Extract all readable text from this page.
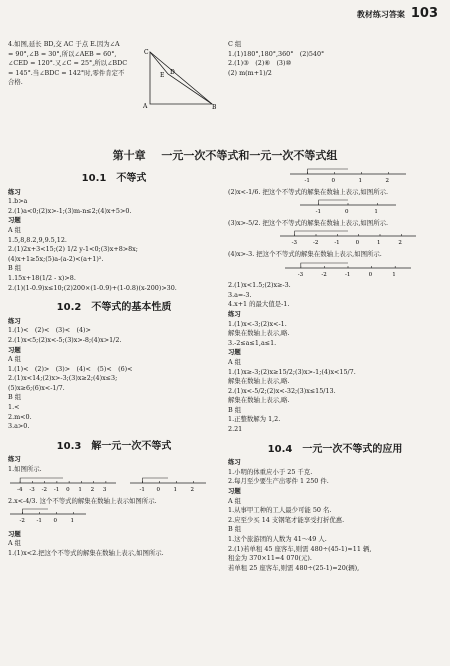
教材练习答案 103
C
E D
A	B

4.如图,延长 BD,交 AC 于点 E.因为∠A

= 90°,∠B = 30°,所以∠AEB = 60°,

∠CED = 120°.又∠C = 25°,所以∠BDC

= 145°.当∠BDC = 142°时,零件肯定不

合格.

第十章 一元一次不等式和一元一次不等式组
10.1　不等式

练习

1.b>a

2.(1)a<0;(2)x>-1;(3)m-n≤2;(4)x+5>0.

习题

A 组

1.5,8,8.2,9,9.5,12.

2.(1)2x+3<15;(2) 1/2 y-1<0;(3)x+8>8x;

(4)x+1≥5x;(5)a-(a-2)<(a+1)².

B 组

1.15x+18(1/2 - x)>8.

2.(1)(1-0.9)x≤10;(2)200×(1-0.9)+(1-0.8)(x-200)>30.

10.2　不等式的基本性质

练习

1.(1)<　(2)<　(3)<　(4)>

2.(1)x<5;(2)x<-5;(3)x>-8;(4)x>1/2.

习题

A 组

1.(1)<　(2)>　(3)>　(4)<　(5)<　(6)<

2.(1)x<14;(2)x>-3;(3)x≥2;(4)x≤3;

(5)x≥6;(6)x<-1/7.

B 组

1.<

2.m<0.

3.a>0.

10.3　解一元一次不等式

练习

1.如图所示.

-4 -3 -2 -1 0 1 2 3	-1 0 1 2

2.x<-4/3. 这个不等式的解集在数轴上表示如图所示.

-2 -1 0 1

习题

A 组

1.(1)x<2.把这个不等式的解集在数轴上表示,如图所示.

C 组

1.(1)180°,180°,360°　(2)540°

2.(1)③　(2)⑥　(3)⑩

(2) m(m+1)/2

-1	0	1	2

(2)x<-1/6. 把这个不等式的解集在数轴上表示,如图所示.

-1	0	1

(3)x>-5/2. 把这个不等式的解集在数轴上表示,如图所示.

-3	-2	-1	0	1	2

(4)x>-3. 把这个不等式的解集在数轴上表示,如图所示.

-3	-2	-1	0	1

2.(1)x<1.5;(2)x≥-3.

3.a=-3.

4.x+1 的最大值是-1.

练习

1.(1)x<-3;(2)x<-1.

解集在数轴上表示,略.

3.-2≤a≤1,a≤1.

习题

A 组

1.(1)x≥-3;(2)x≥15/2;(3)x>-1;(4)x<15/7.

解集在数轴上表示,略.

2.(1)x<-5/2;(2)x<-32;(3)x≤15/13.

解集在数轴上表示,略.

B 组

1.正整数解为 1,2.

2.21

10.4　一元一次不等式的应用

练习

1.小明的体重应小于 25 千克.

2.每月至少要生产出零件 1 250 件.

习题

A 组

1.从事甲工种的工人最少可能 50 名.

2.应至少买 14 支钢笔才能享受打折优惠.

B 组

1.这个旅游团的人数为 41～49 人.

2.(1)若单租 45 座客车,则需 480÷(45-1)≈11 辆,

租金为 370×11=4 070(元).

若单租 25 座客车,则需 480÷(25-1)=20(辆),
